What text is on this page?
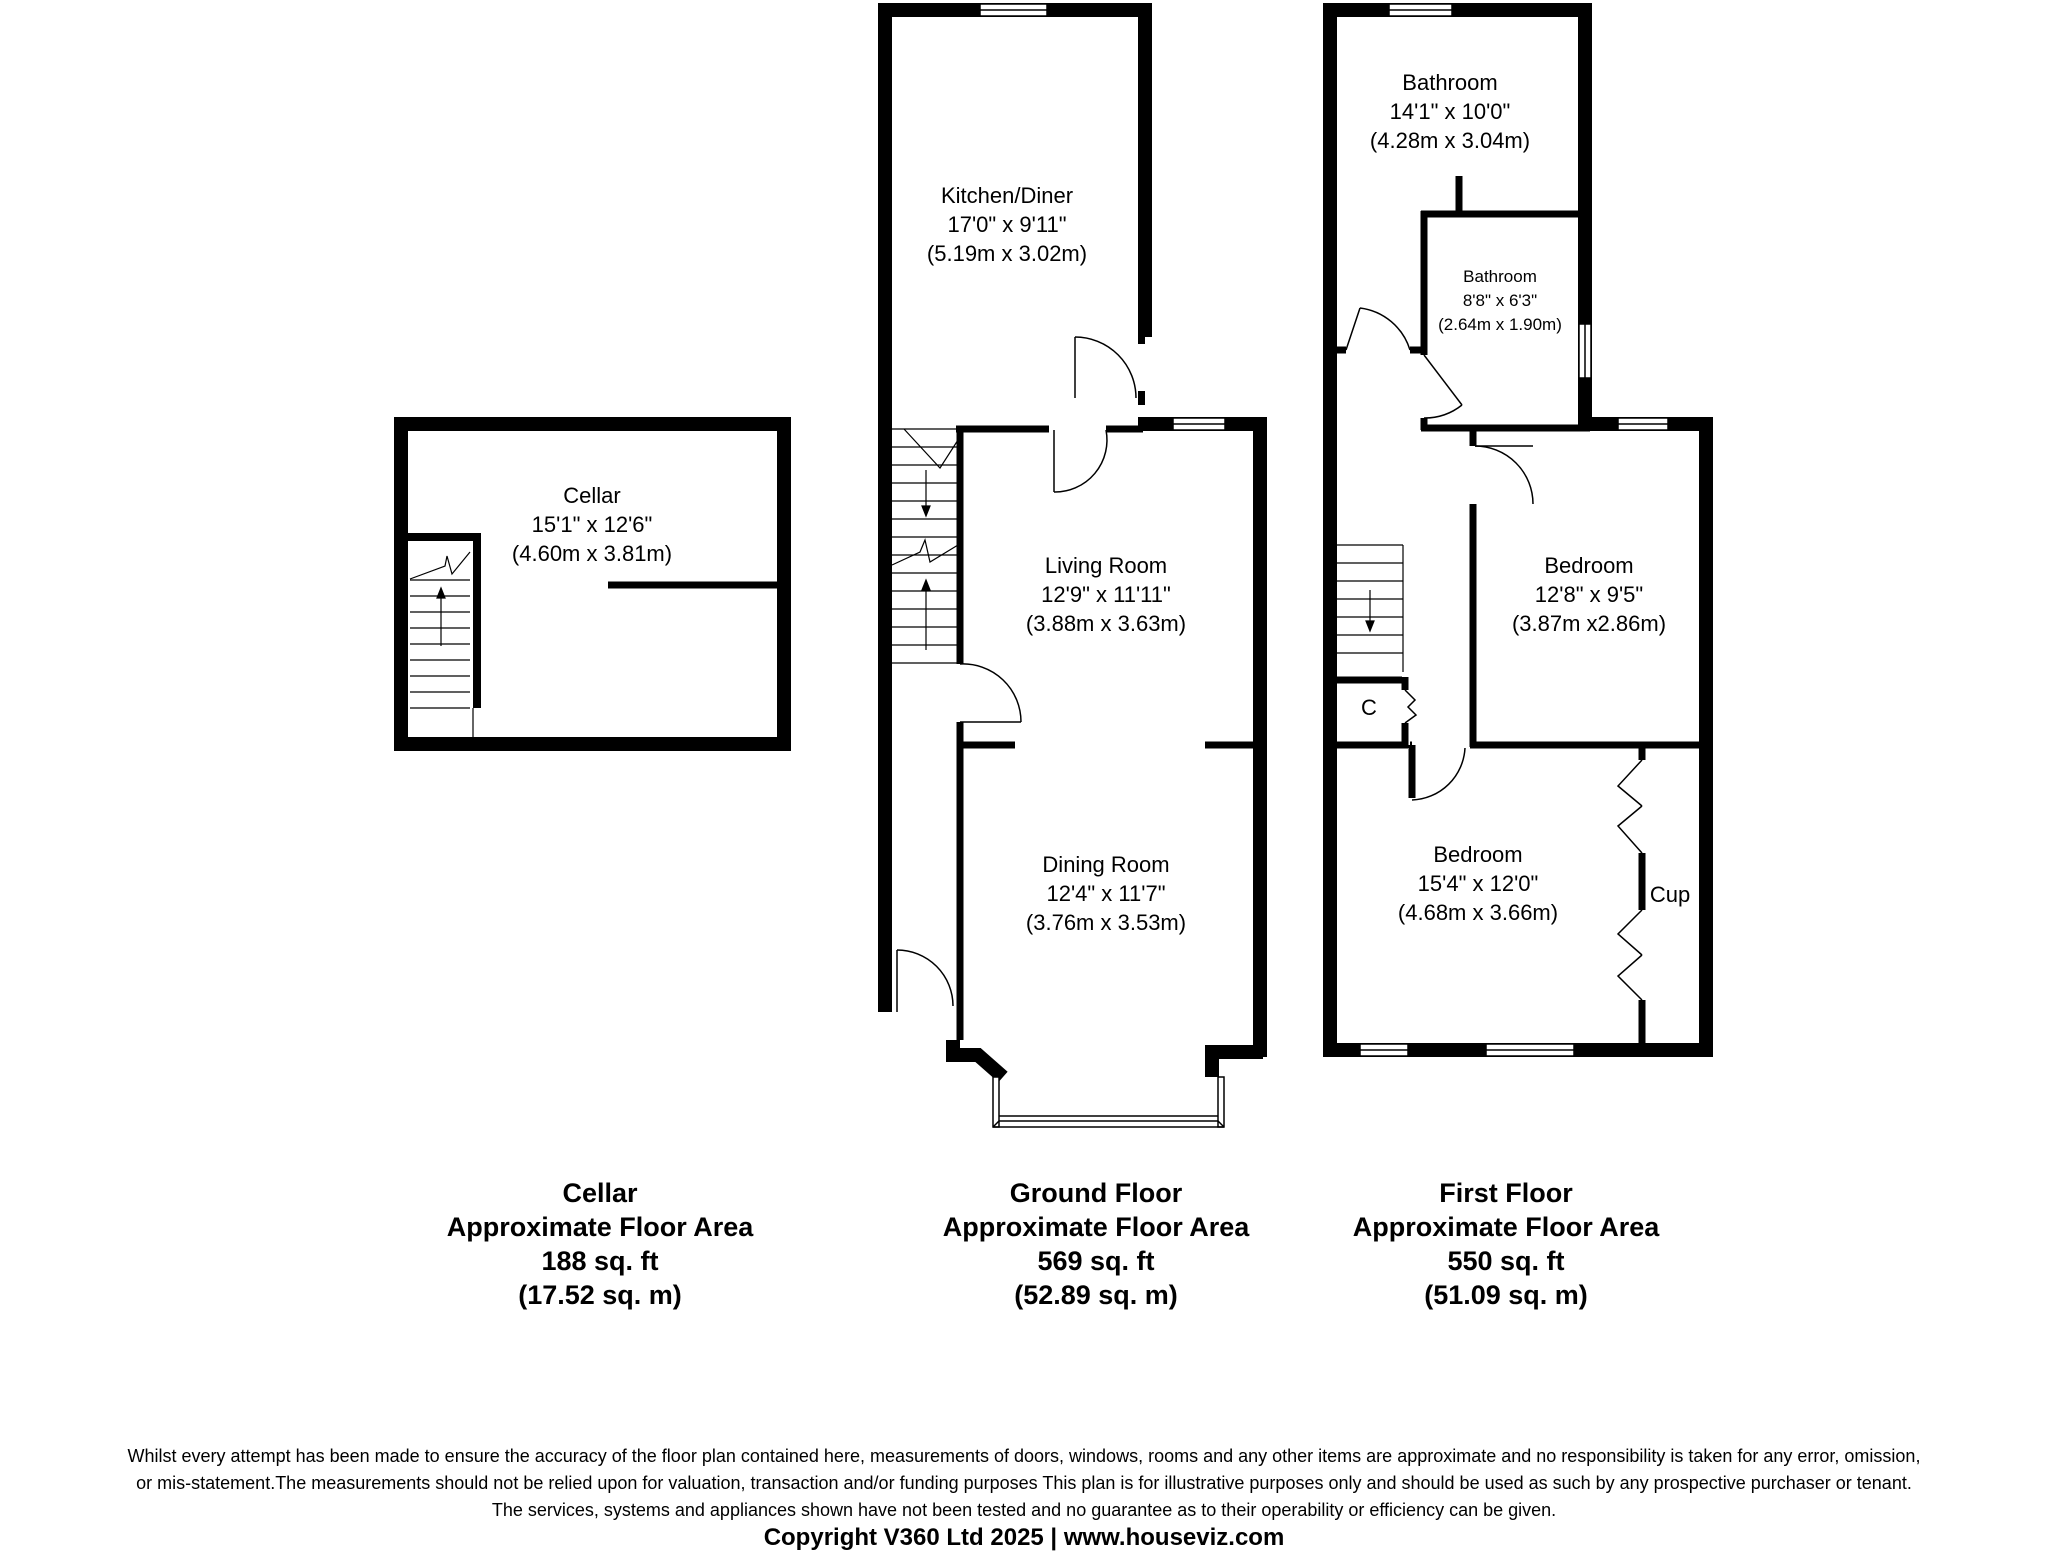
Cellar
15'1" x 12'6"
(4.60m x 3.81m)
Kitchen/Diner
17'0" x 9'11"
(5.19m x 3.02m)
Living Room
12'9" x 11'11"
(3.88m x 3.63m)
Dining Room
12'4" x 11'7"
(3.76m x 3.53m)
Bathroom
14'1" x 10'0"
(4.28m x 3.04m)
Bathroom
8'8" x 6'3"
(2.64m x 1.90m)
Bedroom
12'8" x 9'5"
(3.87m x2.86m)
Bedroom
15'4" x 12'0"
(4.68m x 3.66m)
C
Cup
Cellar
Approximate Floor Area
188 sq. ft
(17.52 sq. m)
Ground Floor
Approximate Floor Area
569 sq. ft
(52.89 sq. m)
First Floor
Approximate Floor Area
550 sq. ft
(51.09 sq. m)
Whilst every attempt has been made to ensure the accuracy of the floor plan contained here, measurements of doors, windows, rooms and any other items are approximate and no responsibility is taken for any error, omission,
or mis-statement.The measurements should not be relied upon for valuation, transaction and/or funding purposes This plan is for illustrative purposes only and should be used as such by any prospective purchaser or tenant.
The services, systems and appliances shown have not been tested and no guarantee as to their operability or efficiency can be given.
Copyright V360 Ltd 2025 | www.houseviz.com
